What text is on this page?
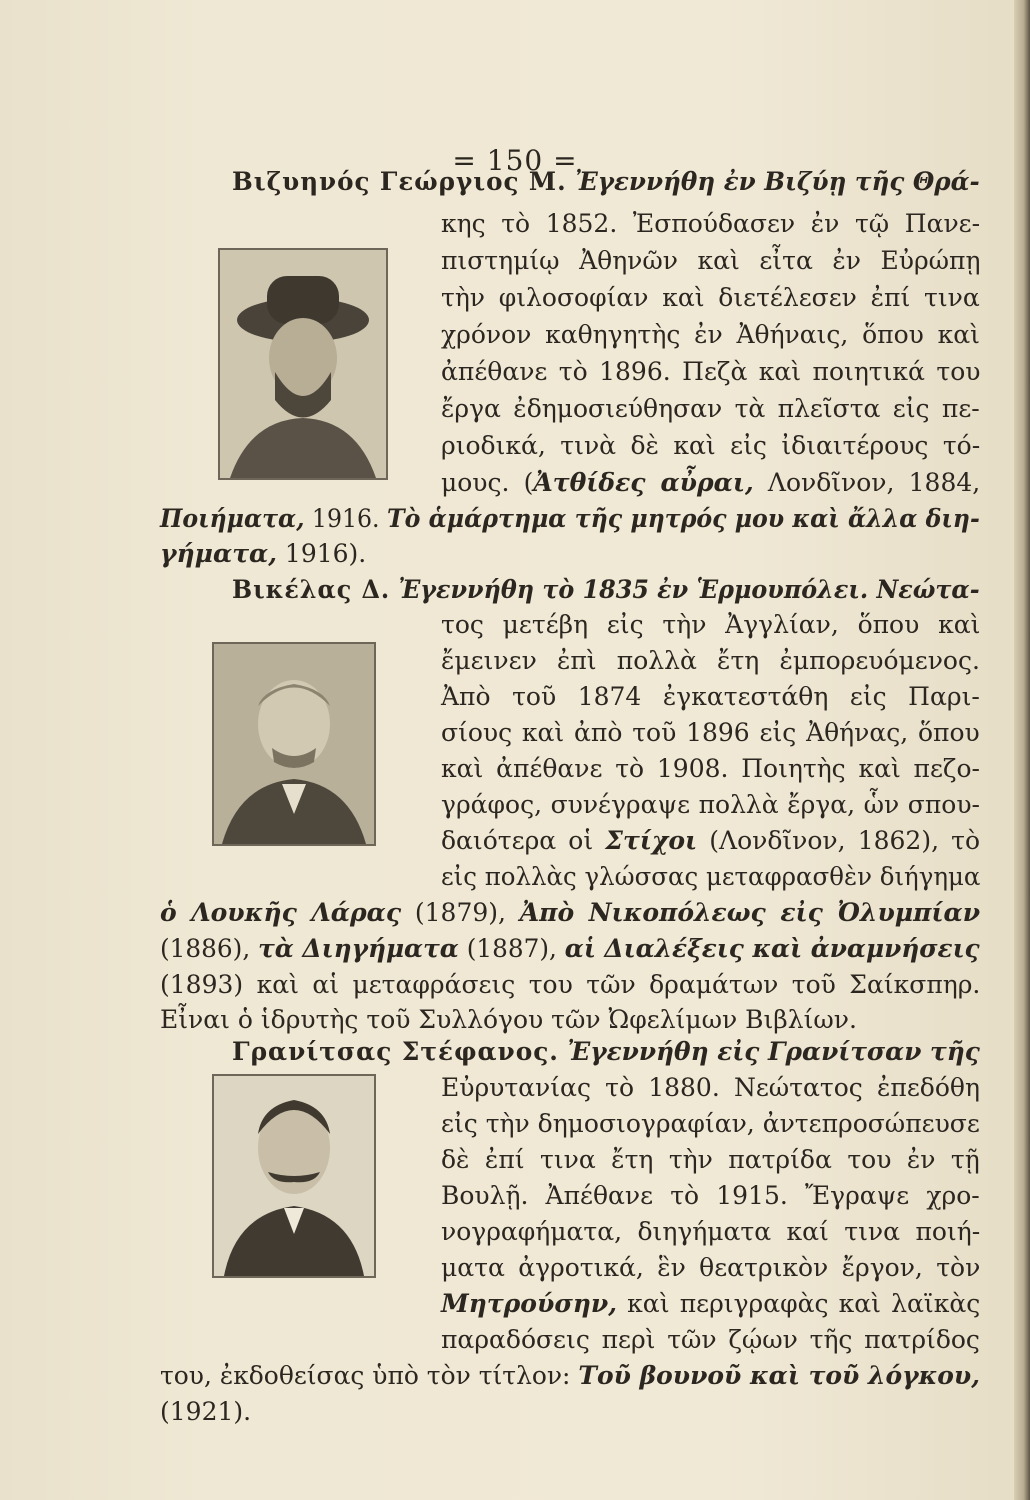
= 150 =
Βιζυηνός Γεώργιος Μ. Ἐγεννήθη ἐν Βιζύῃ τῆς Θρά-
κης τὸ 1852. Ἐσπούδασεν ἐν τῷ Πανε-
πιστημίῳ Ἀθηνῶν καὶ εἶτα ἐν Εὐρώπῃ
τὴν φιλοσοφίαν καὶ διετέλεσεν ἐπί τινα
χρόνον καθηγητὴς ἐν Ἀθήναις, ὅπου καὶ
ἀπέθανε τὸ 1896. Πεζὰ καὶ ποιητικά του
ἔργα ἐδημοσιεύθησαν τὰ πλεῖστα εἰς πε-
ριοδικά, τινὰ δὲ καὶ εἰς ἰδιαιτέρους τό-
μους. (Ἀτθίδες αὖραι, Λονδῖνον, 1884,
Ποιήματα, 1916. Τὸ ἁμάρτημα τῆς μητρός μου καὶ ἄλλα διη-
γήματα, 1916).
Βικέλας Δ. Ἐγεννήθη τὸ 1835 ἐν Ἑρμουπόλει. Νεώτα-
τος μετέβη εἰς τὴν Ἀγγλίαν, ὅπου καὶ
ἔμεινεν ἐπὶ πολλὰ ἔτη ἐμπορευόμενος.
Ἀπὸ τοῦ 1874 ἐγκατεστάθη εἰς Παρι-
σίους καὶ ἀπὸ τοῦ 1896 εἰς Ἀθήνας, ὅπου
καὶ ἀπέθανε τὸ 1908. Ποιητὴς καὶ πεζο-
γράφος, συνέγραψε πολλὰ ἔργα, ὧν σπου-
δαιότερα οἱ Στίχοι (Λονδῖνον, 1862), τὸ
εἰς πολλὰς γλώσσας μεταφρασθὲν διήγημα
ὁ Λουκῆς Λάρας (1879), Ἀπὸ Νικοπόλεως εἰς Ὀλυμπίαν
(1886), τὰ Διηγήματα (1887), αἱ Διαλέξεις καὶ ἀναμνήσεις
(1893) καὶ αἱ μεταφράσεις του τῶν δραμάτων τοῦ Σαίκσπηρ.
Εἶναι ὁ ἱδρυτὴς τοῦ Συλλόγου τῶν Ὠφελίμων Βιβλίων.
Γρανίτσας Στέφανος. Ἐγεννήθη εἰς Γρανίτσαν τῆς
Εὐρυτανίας τὸ 1880. Νεώτατος ἐπεδόθη
εἰς τὴν δημοσιογραφίαν, ἀντεπροσώπευσε
δὲ ἐπί τινα ἔτη τὴν πατρίδα του ἐν τῇ
Βουλῇ. Ἀπέθανε τὸ 1915. Ἔγραψε χρο-
νογραφήματα, διηγήματα καί τινα ποιή-
ματα ἀγροτικά, ἓν θεατρικὸν ἔργον, τὸν
Μητρούσην, καὶ περιγραφὰς καὶ λαϊκὰς
παραδόσεις περὶ τῶν ζῴων τῆς πατρίδος
του, ἐκδοθείσας ὑπὸ τὸν τίτλον: Τοῦ βουνοῦ καὶ τοῦ λόγκου,
(1921).
